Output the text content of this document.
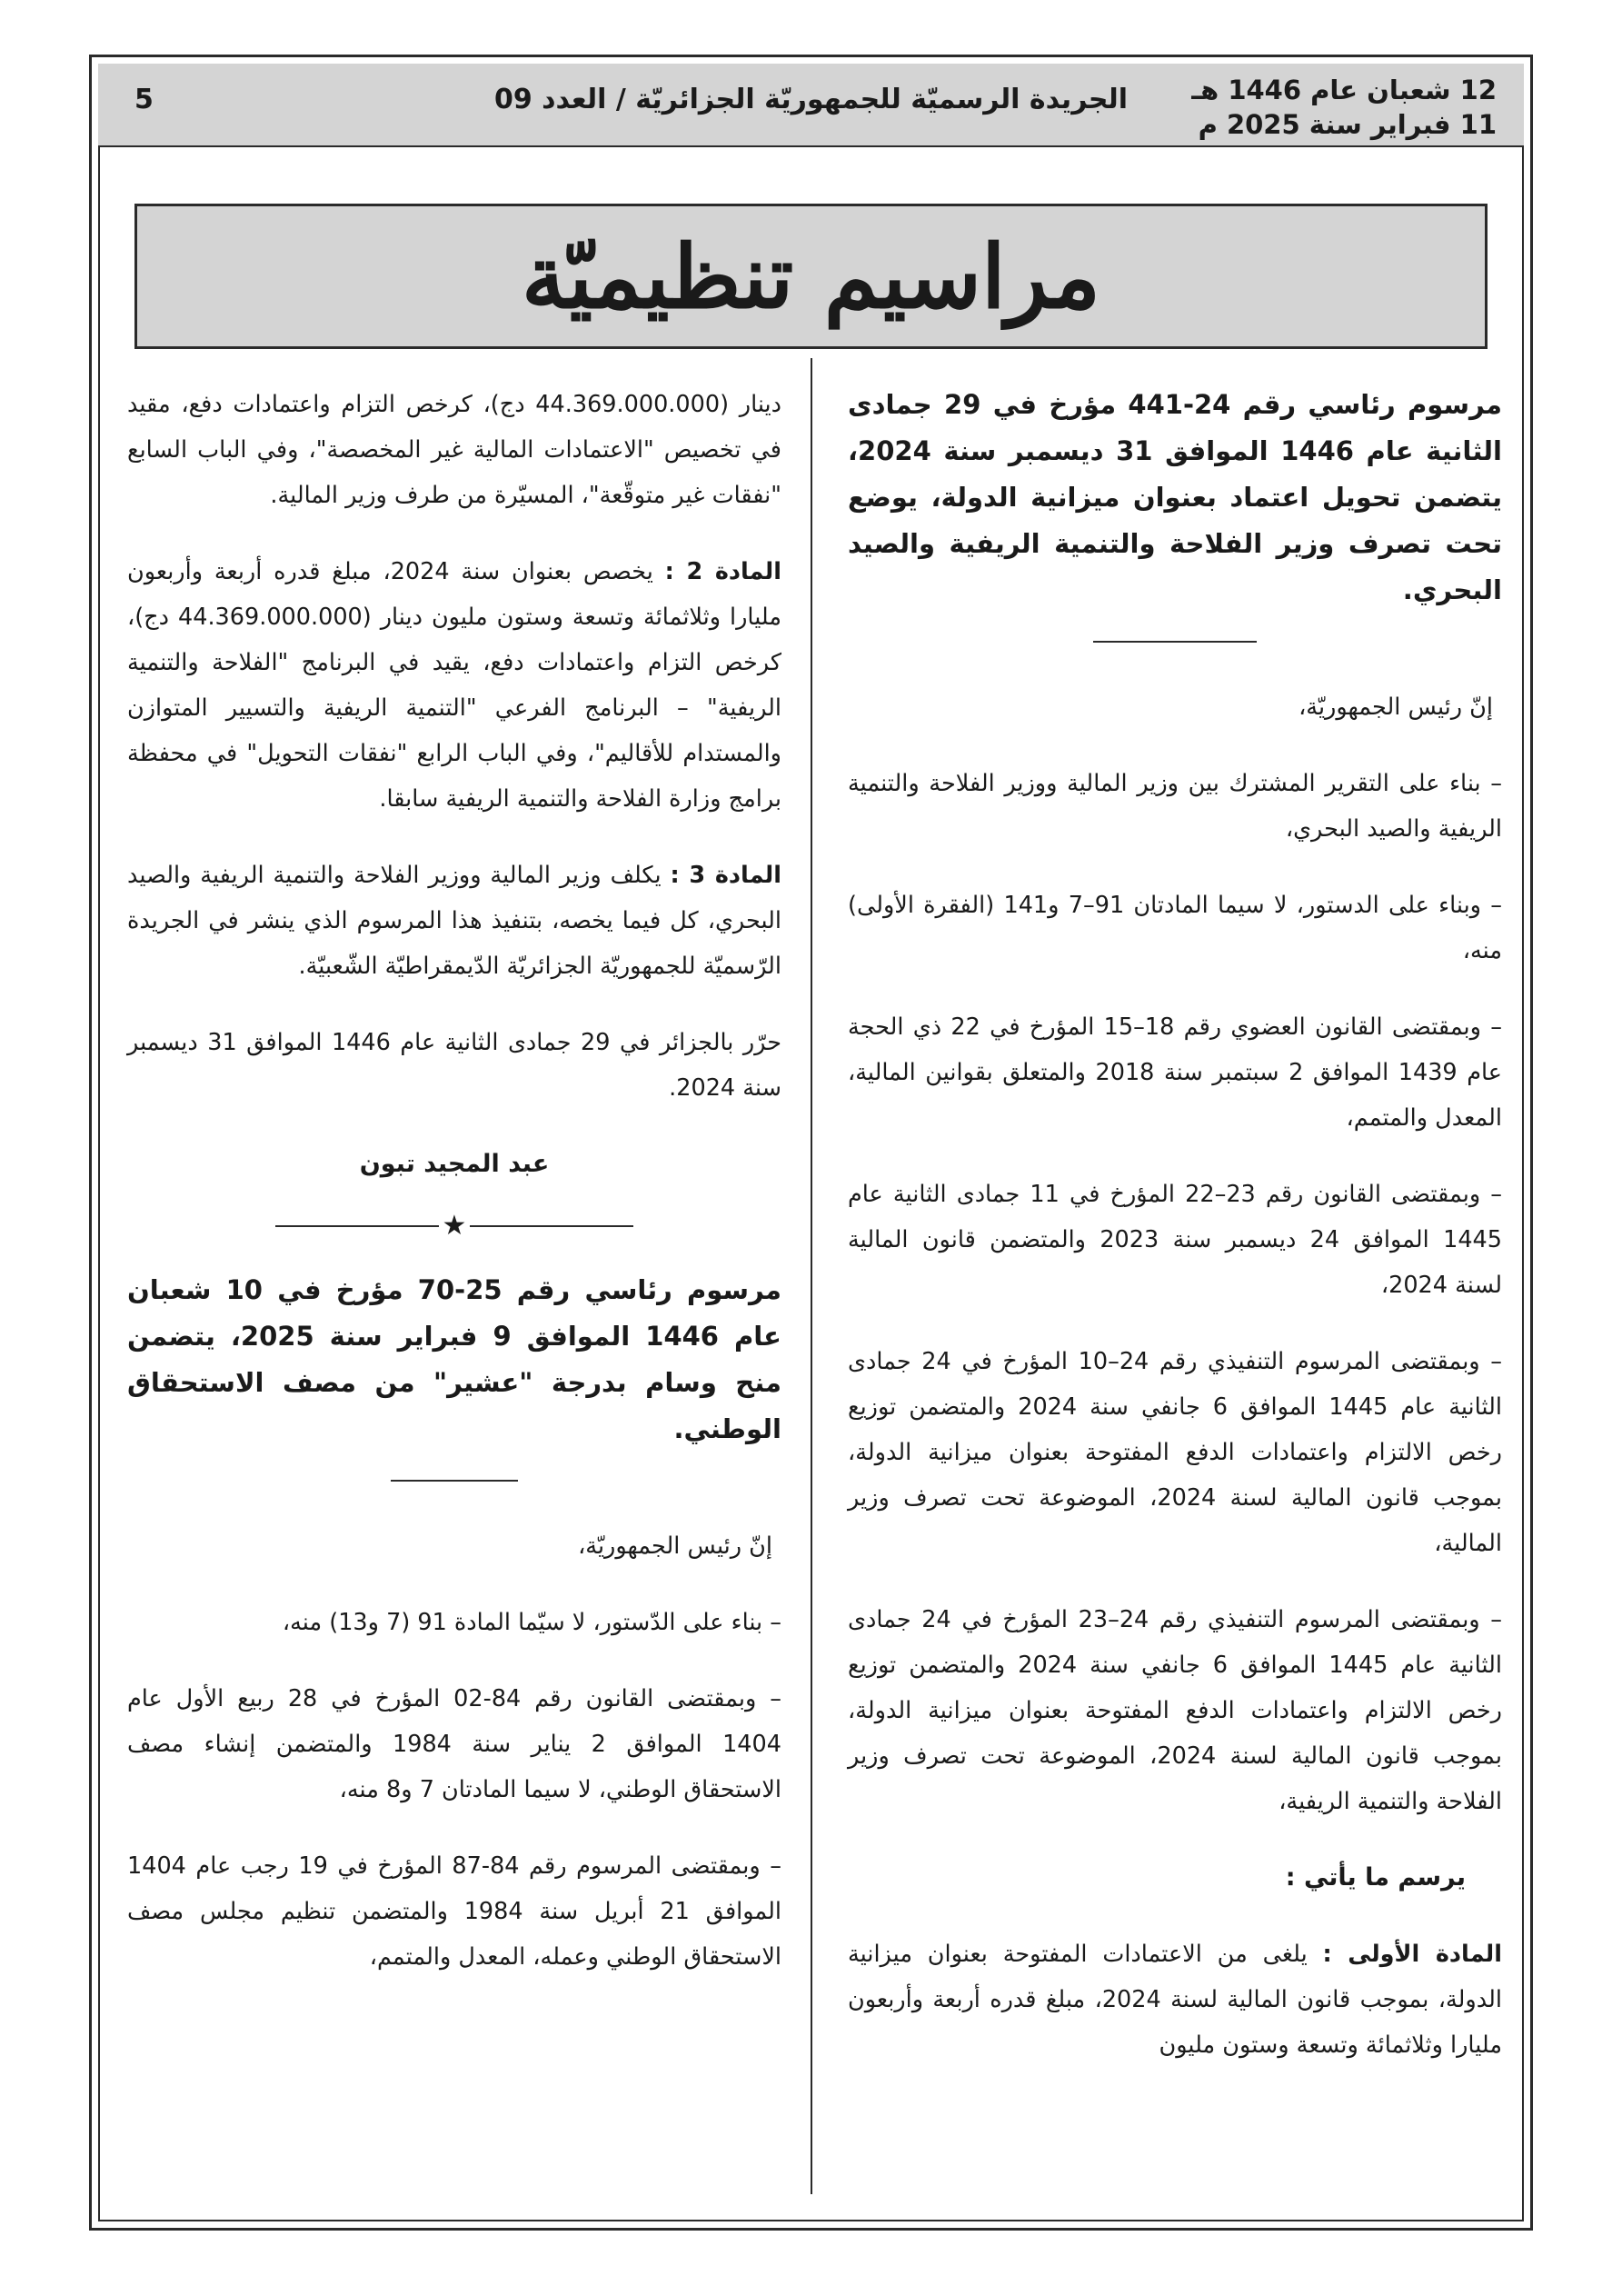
12 شعبان عام 1446 هـ
11 فبراير سنة 2025 م
الجريدة الرسميّة للجمهوريّة الجزائريّة / العدد 09
5
مراسيم تنظيميّة
مرسوم رئاسي رقم 24-441 مؤرخ في 29 جمادى الثانية عام 1446 الموافق 31 ديسمبر سنة 2024، يتضمن تحويل اعتماد بعنوان ميزانية الدولة، يوضع تحت تصرف وزير الفلاحة والتنمية الريفية والصيد البحري.

إنّ رئيس الجمهوريّة،

– بناء على التقرير المشترك بين وزير المالية ووزير الفلاحة والتنمية الريفية والصيد البحري،

– وبناء على الدستور، لا سيما المادتان 91–7 و141 (الفقرة الأولى) منه،

– وبمقتضى القانون العضوي رقم 18–15 المؤرخ في 22 ذي الحجة عام 1439 الموافق 2 سبتمبر سنة 2018 والمتعلق بقوانين المالية، المعدل والمتمم،

– وبمقتضى القانون رقم 23–22 المؤرخ في 11 جمادى الثانية عام 1445 الموافق 24 ديسمبر سنة 2023 والمتضمن قانون المالية لسنة 2024،

– وبمقتضى المرسوم التنفيذي رقم 24–10 المؤرخ في 24 جمادى الثانية عام 1445 الموافق 6 جانفي سنة 2024 والمتضمن توزيع رخص الالتزام واعتمادات الدفع المفتوحة بعنوان ميزانية الدولة، بموجب قانون المالية لسنة 2024، الموضوعة تحت تصرف وزير المالية،

– وبمقتضى المرسوم التنفيذي رقم 24–23 المؤرخ في 24 جمادى الثانية عام 1445 الموافق 6 جانفي سنة 2024 والمتضمن توزيع رخص الالتزام واعتمادات الدفع المفتوحة بعنوان ميزانية الدولة، بموجب قانون المالية لسنة 2024، الموضوعة تحت تصرف وزير الفلاحة والتنمية الريفية،

يرسم ما يأتي :

المادة الأولى : يلغى من الاعتمادات المفتوحة بعنوان ميزانية الدولة، بموجب قانون المالية لسنة 2024، مبلغ قدره أربعة وأربعون مليارا وثلاثمائة وتسعة وستون مليون

دينار (44.369.000.000 دج)، كرخص التزام واعتمادات دفع، مقيد في تخصيص "الاعتمادات المالية غير المخصصة"، وفي الباب السابع "نفقات غير متوقّعة"، المسيّرة من طرف وزير المالية.

المادة 2 : يخصص بعنوان سنة 2024، مبلغ قدره أربعة وأربعون مليارا وثلاثمائة وتسعة وستون مليون دينار (44.369.000.000 دج)، كرخص التزام واعتمادات دفع، يقيد في البرنامج "الفلاحة والتنمية الريفية" – البرنامج الفرعي "التنمية الريفية والتسيير المتوازن والمستدام للأقاليم"، وفي الباب الرابع "نفقات التحويل" في محفظة برامج وزارة الفلاحة والتنمية الريفية سابقا.

المادة 3 : يكلف وزير المالية ووزير الفلاحة والتنمية الريفية والصيد البحري، كل فيما يخصه، بتنفيذ هذا المرسوم الذي ينشر في الجريدة الرّسميّة للجمهوريّة الجزائريّة الدّيمقراطيّة الشّعبيّة.

حرّر بالجزائر في 29 جمادى الثانية عام 1446 الموافق 31 ديسمبر سنة 2024.

عبد المجيد تبون
★
مرسوم رئاسي رقم 25-70 مؤرخ في 10 شعبان عام 1446 الموافق 9 فبراير سنة 2025، يتضمن منح وسام بدرجة "عشير" من مصف الاستحقاق الوطني.

إنّ رئيس الجمهوريّة،

– بناء على الدّستور، لا سيّما المادة 91 (7 و13) منه،

– وبمقتضى القانون رقم 84-02 المؤرخ في 28 ربيع الأول عام 1404 الموافق 2 يناير سنة 1984 والمتضمن إنشاء مصف الاستحقاق الوطني، لا سيما المادتان 7 و8 منه،

– وبمقتضى المرسوم رقم 84-87 المؤرخ في 19 رجب عام 1404 الموافق 21 أبريل سنة 1984 والمتضمن تنظيم مجلس مصف الاستحقاق الوطني وعمله، المعدل والمتمم،
